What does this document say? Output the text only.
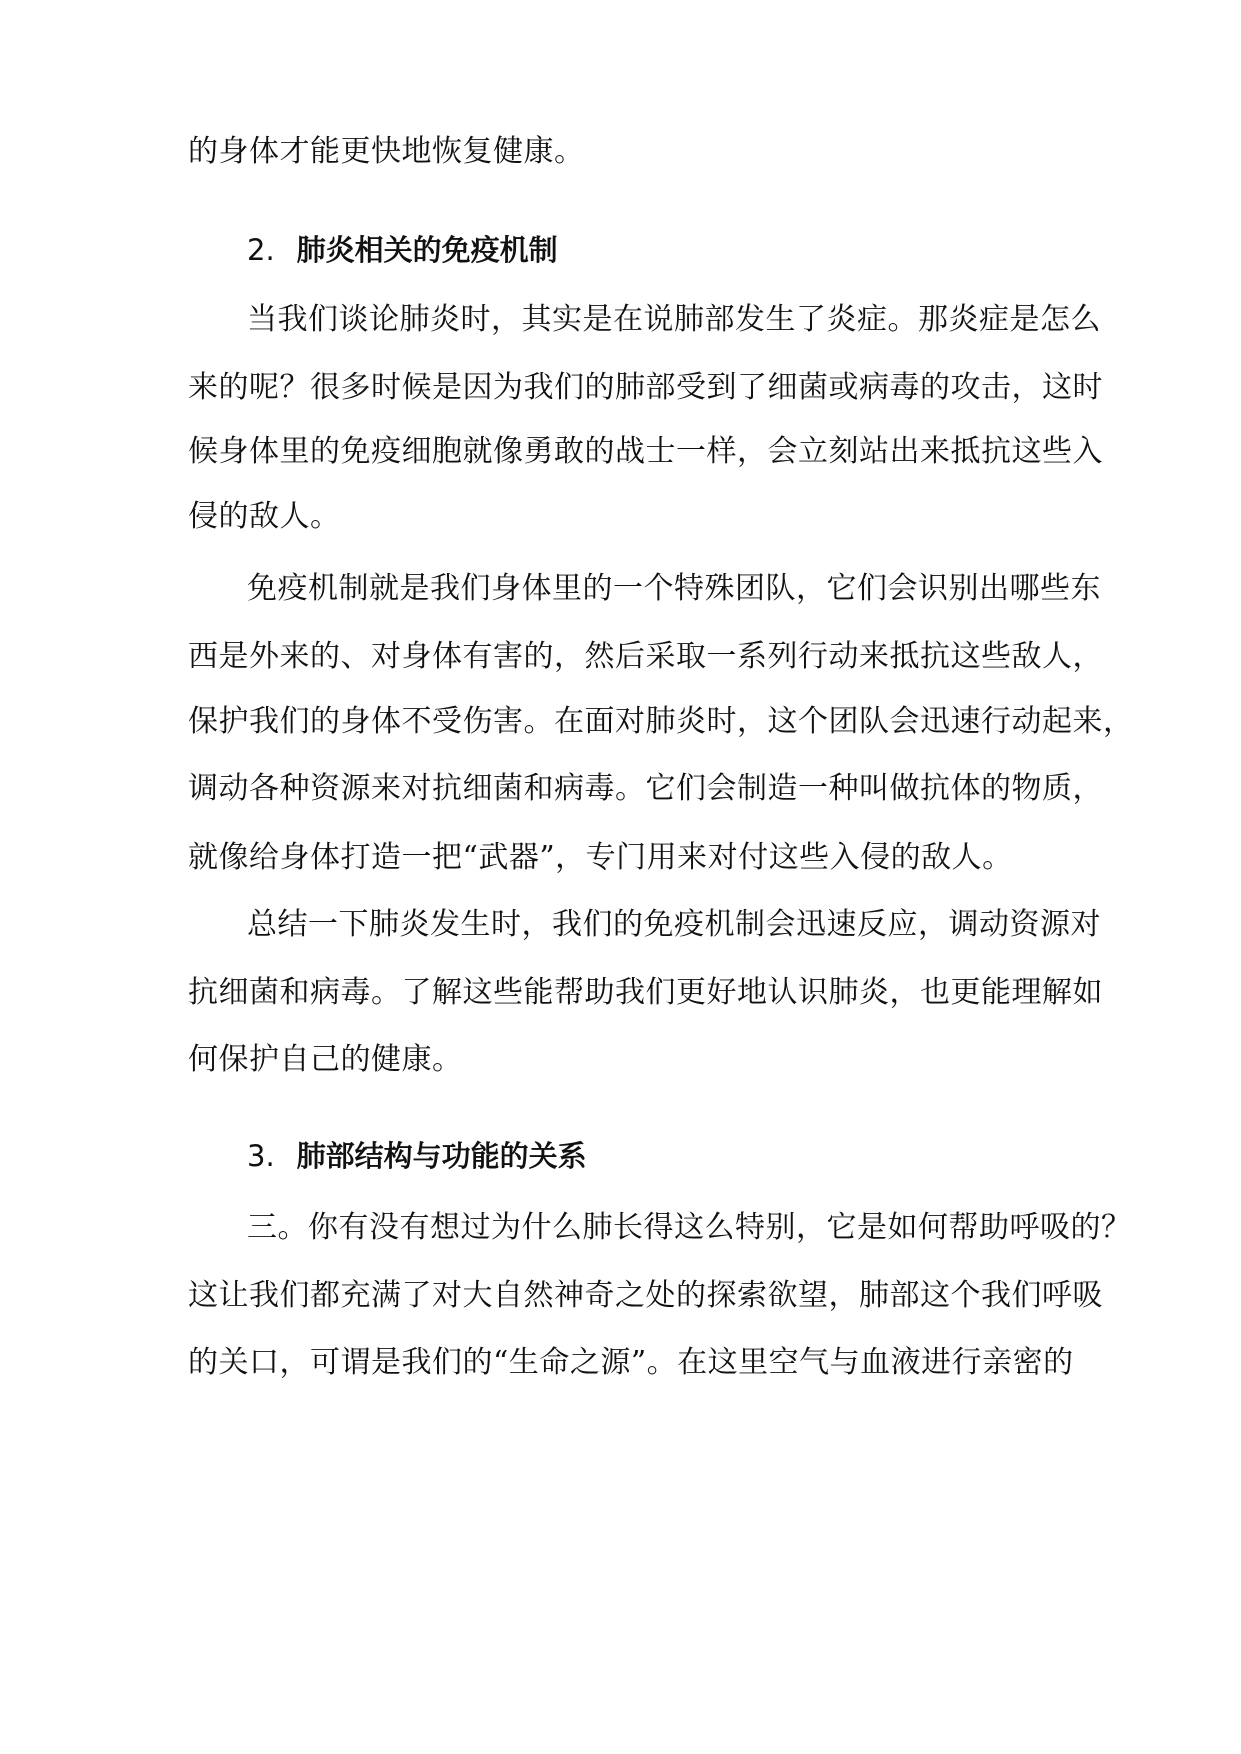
的身体才能更快地恢复健康。
2. 肺炎相关的免疫机制
当我们谈论肺炎时，其实是在说肺部发生了炎症。那炎症是怎么
来的呢？很多时候是因为我们的肺部受到了细菌或病毒的攻击，这时
候身体里的免疫细胞就像勇敢的战士一样，会立刻站出来抵抗这些入
侵的敌人。
免疫机制就是我们身体里的一个特殊团队，它们会识别出哪些东
西是外来的、对身体有害的，然后采取一系列行动来抵抗这些敌人，
保护我们的身体不受伤害。在面对肺炎时，这个团队会迅速行动起来，
调动各种资源来对抗细菌和病毒。它们会制造一种叫做抗体的物质，
就像给身体打造一把“武器”，专门用来对付这些入侵的敌人。
总结一下肺炎发生时，我们的免疫机制会迅速反应，调动资源对
抗细菌和病毒。了解这些能帮助我们更好地认识肺炎，也更能理解如
何保护自己的健康。
3. 肺部结构与功能的关系
三。你有没有想过为什么肺长得这么特别，它是如何帮助呼吸的？
这让我们都充满了对大自然神奇之处的探索欲望，肺部这个我们呼吸
的关口，可谓是我们的“生命之源”。在这里空气与血液进行亲密的
